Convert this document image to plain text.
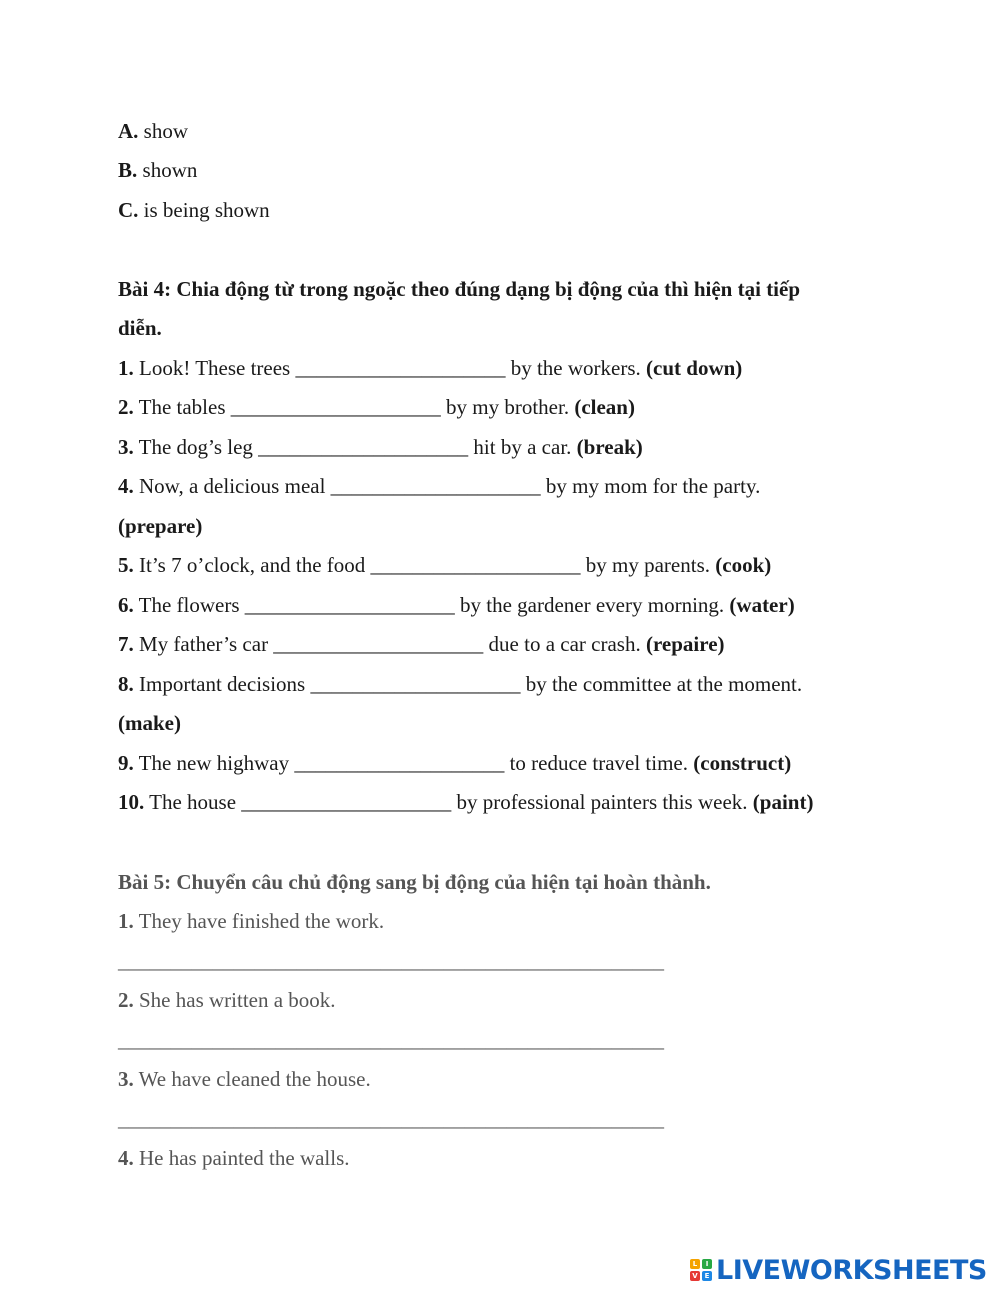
A. show
B. shown
C. is being shown
Bài 4: Chia động từ trong ngoặc theo đúng dạng bị động của thì hiện tại tiếp
diễn.
1. Look! These trees ____________________ by the workers. (cut down)
2. The tables ____________________ by my brother. (clean)
3. The dog’s leg ____________________ hit by a car. (break)
4. Now, a delicious meal ____________________ by my mom for the party.
(prepare)
5. It’s 7 o’clock, and the food ____________________ by my parents. (cook)
6. The flowers ____________________ by the gardener every morning. (water)
7. My father’s car ____________________ due to a car crash. (repaire)
8. Important decisions ____________________ by the committee at the moment.
(make)
9. The new highway ____________________ to reduce travel time. (construct)
10. The house ____________________ by professional painters this week. (paint)
Bài 5: Chuyển câu chủ động sang bị động của hiện tại hoàn thành.
1. They have finished the work.
____________________________________________________
2. She has written a book.
____________________________________________________
3. We have cleaned the house.
____________________________________________________
4. He has painted the walls.
L	I
V E LIVEWORKSHEETS
